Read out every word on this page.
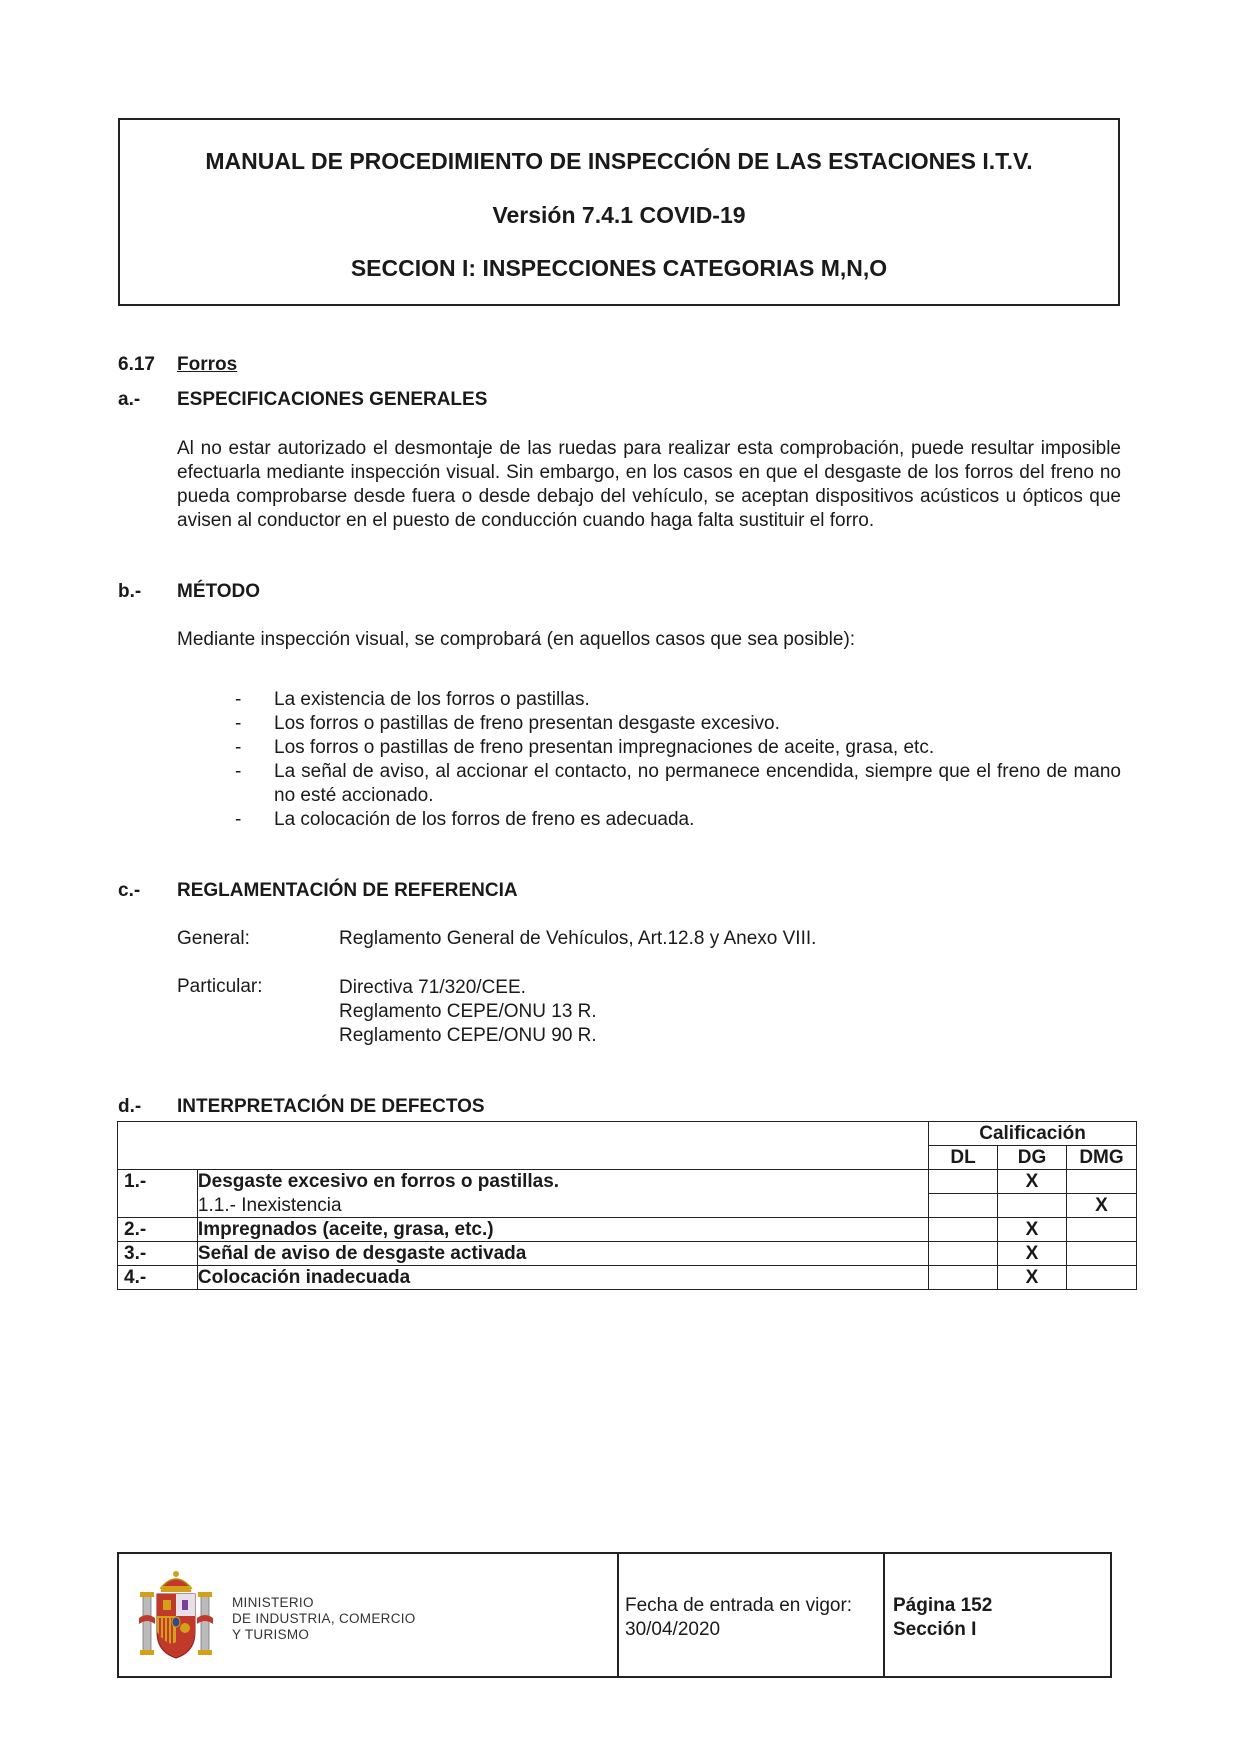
MANUAL DE PROCEDIMIENTO DE INSPECCIÓN DE LAS ESTACIONES I.T.V.
Versión 7.4.1 COVID-19
SECCION I: INSPECCIONES CATEGORIAS M,N,O
6.17 Forros
a.- ESPECIFICACIONES GENERALES
Al no estar autorizado el desmontaje de las ruedas para realizar esta comprobación, puede resultar imposible efectuarla mediante inspección visual. Sin embargo, en los casos en que el desgaste de los forros del freno no pueda comprobarse desde fuera o desde debajo del vehículo, se aceptan dispositivos acústicos u ópticos que avisen al conductor en el puesto de conducción cuando haga falta sustituir el forro.
b.- MÉTODO
Mediante inspección visual, se comprobará (en aquellos casos que sea posible):
- La existencia de los forros o pastillas.
- Los forros o pastillas de freno presentan desgaste excesivo.
- Los forros o pastillas de freno presentan impregnaciones de aceite, grasa, etc.
- La señal de aviso, al accionar el contacto, no permanece encendida, siempre que el freno de mano no esté accionado.
- La colocación de los forros de freno es adecuada.
c.- REGLAMENTACIÓN DE REFERENCIA
General:	Reglamento General de Vehículos, Art.12.8 y Anexo VIII.
Particular:	Directiva 71/320/CEE.
Reglamento CEPE/ONU 13 R.
Reglamento CEPE/ONU 90 R.
d.- INTERPRETACIÓN DE DEFECTOS
		Calificación		
		DL	DG	DMG
1.-	Desgaste excesivo en forros o pastillas.		X	
	1.1.- Inexistencia			X
2.-	Impregnados (aceite, grasa, etc.)		X	
3.-	Señal de aviso de desgaste activada		X	
4.-	Colocación inadecuada		X	
MINISTERIO
DE INDUSTRIA, COMERCIO
Y TURISMO
Fecha de entrada en vigor:
30/04/2020
Página 152
Sección I
